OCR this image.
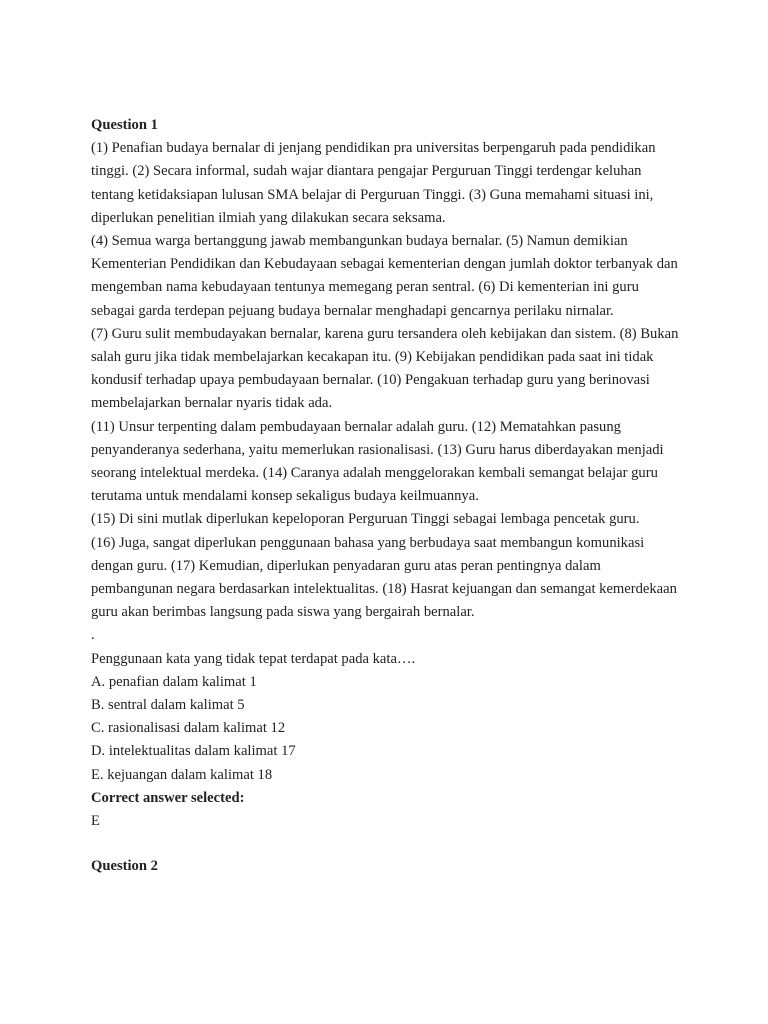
Question 1

(1) Penafian budaya bernalar di jenjang pendidikan pra universitas berpengaruh pada pendidikan tinggi. (2) Secara informal, sudah wajar diantara pengajar Perguruan Tinggi terdengar keluhan tentang ketidaksiapan lulusan SMA belajar di Perguruan Tinggi. (3) Guna memahami situasi ini, diperlukan penelitian ilmiah yang dilakukan secara seksama.

(4) Semua warga bertanggung jawab membangunkan budaya bernalar. (5) Namun demikian Kementerian Pendidikan dan Kebudayaan sebagai kementerian dengan jumlah doktor terbanyak dan mengemban nama kebudayaan tentunya memegang peran sentral. (6) Di kementerian ini guru sebagai garda terdepan pejuang budaya bernalar menghadapi gencarnya perilaku nirnalar.

(7) Guru sulit membudayakan bernalar, karena guru tersandera oleh kebijakan dan sistem. (8) Bukan salah guru jika tidak membelajarkan kecakapan itu. (9) Kebijakan pendidikan pada saat ini tidak kondusif terhadap upaya pembudayaan bernalar. (10) Pengakuan terhadap guru yang berinovasi membelajarkan bernalar nyaris tidak ada.

(11) Unsur terpenting dalam pembudayaan bernalar adalah guru. (12) Mematahkan pasung penyanderanya sederhana, yaitu memerlukan rasionalisasi. (13) Guru harus diberdayakan menjadi seorang intelektual merdeka. (14) Caranya adalah menggelorakan kembali semangat belajar guru terutama untuk mendalami konsep sekaligus budaya keilmuannya.

(15) Di sini mutlak diperlukan kepeloporan Perguruan Tinggi sebagai lembaga pencetak guru.

(16) Juga, sangat diperlukan penggunaan bahasa yang berbudaya saat membangun komunikasi dengan guru. (17) Kemudian, diperlukan penyadaran guru atas peran pentingnya dalam pembangunan negara berdasarkan intelektualitas. (18) Hasrat kejuangan dan semangat kemerdekaan guru akan berimbas langsung pada siswa yang bergairah bernalar.

.

Penggunaan kata yang tidak tepat terdapat pada kata….

A. penafian dalam kalimat 1

B. sentral dalam kalimat 5

C. rasionalisasi dalam kalimat 12

D. intelektualitas dalam kalimat 17

E. kejuangan dalam kalimat 18

Correct answer selected:

E

Question 2
